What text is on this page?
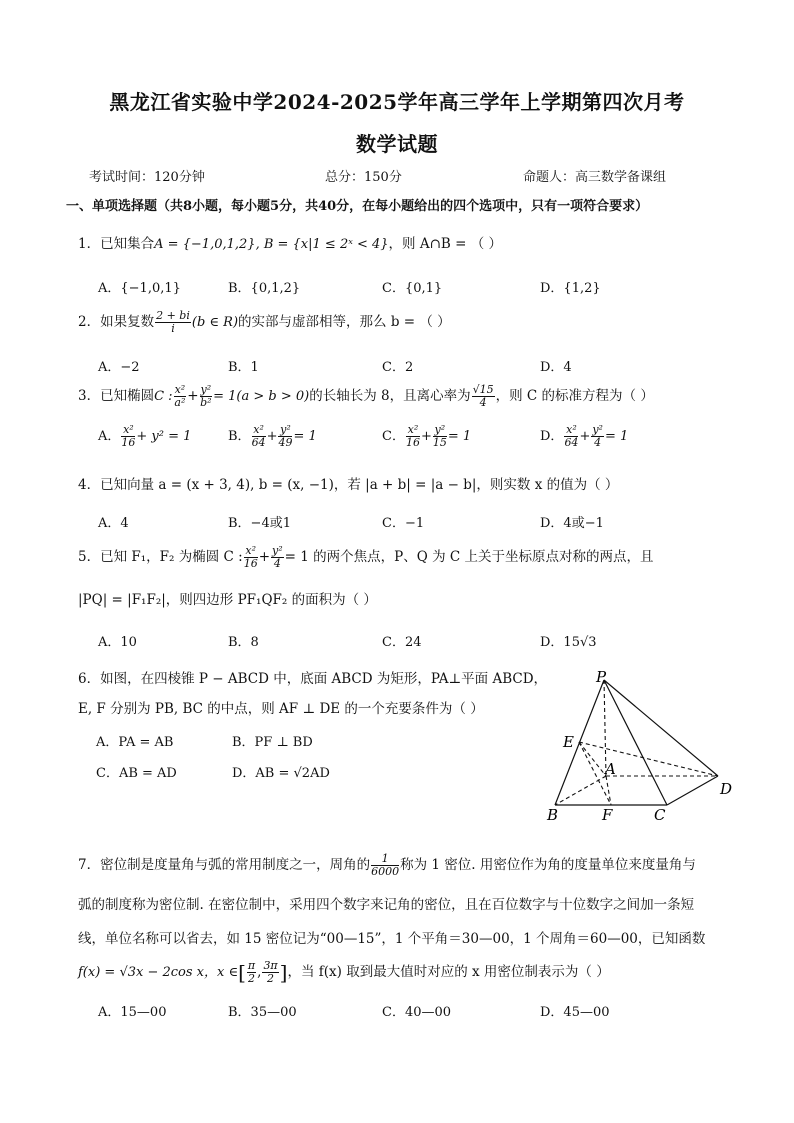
黑龙江省实验中学2024-2025学年高三学年上学期第四次月考
数学试题
考试时间：120分钟	总分：150分	命题人：高三数学备课组
一、单项选择题（共8小题，每小题5分，共40分，在每小题给出的四个选项中，只有一项符合要求）
1．已知集合A = {−1,0,1,2}, B = {x|1 ≤ 2ˣ < 4}，则 A∩B = （ ）
A．{−1,0,1}	B．{0,1,2}	C．{0,1}	D．{1,2}
2．如果复数 $\frac{2 + bi}{i} (b$ ∈ R)的实部与虚部相等，那么 b = （ ）
A．−2	B．1	C．2	D．4
3．已知椭圆C : $\frac{\text{x²}}{\text{a²}} + \frac{\text{y²}}{\text{b²}} = 1(a > b > 0)$的长轴长为 8，且离心率为 $\frac{√15}{4}$ ，则 C 的标准方程为（ ）
A． $\frac{\text{x²}}{16} + y^2 = 1$	B． $\frac{\text{x²}}{64} + \frac{\text{y²}}{49} = 1$	C． $\frac{\text{x²}}{16} + \frac{\text{y²}}{15} = 1$	D． $\frac{\text{x²}}{64} + \frac{\text{y²}}{4} = 1$
4．已知向量 a = (x + 3, 4), b = (x, −1)，若 |a + b| = |a − b|，则实数 x 的值为（ ）
A．4	B．−4或1	C．−1	D．4或−1
5．已知 F₁，F₂ 为椭圆 C : $\frac{\text{x²}}{16} + \frac{\text{y²}}{4} = 1$ 的两个焦点，P、Q 为 C 上关于坐标原点对称的两点，且
|PQ| = |F₁F₂|，则四边形 PF₁QF₂ 的面积为（ ）
A．10	B．8	C．24	D．15√3
6．如图，在四棱锥 P − ABCD 中，底面 ABCD 为矩形，PA⊥平面 ABCD，
E, F 分别为 PB, BC 的中点，则 AF ⊥ DE 的一个充要条件为（ ）
A．PA = AB	B．PF ⊥ BD
C．AB = AD	D．AB = √2AD
P
E
A
D
B	F	C
7．密位制是度量角与弧的常用制度之一，周角的 $\frac{1}{6000}$ 称为 1 密位. 用密位作为角的度量单位来度量角与
弧的制度称为密位制. 在密位制中，采用四个数字来记角的密位，且在百位数字与十位数字之间加一条短
线，单位名称可以省去，如 15 密位记为“00—15”，1 个平角＝30—00，1 个周角＝60—00，已知函数
f(x) = √3x − 2cos x，x ∈[ $\frac{\pi}{2}$ , $\frac{3\pi}{2}$ ]，当 f(x) 取到最大值时对应的 x 用密位制表示为（ ）
A．15—00	B．35—00	C．40—00	D．45—00
